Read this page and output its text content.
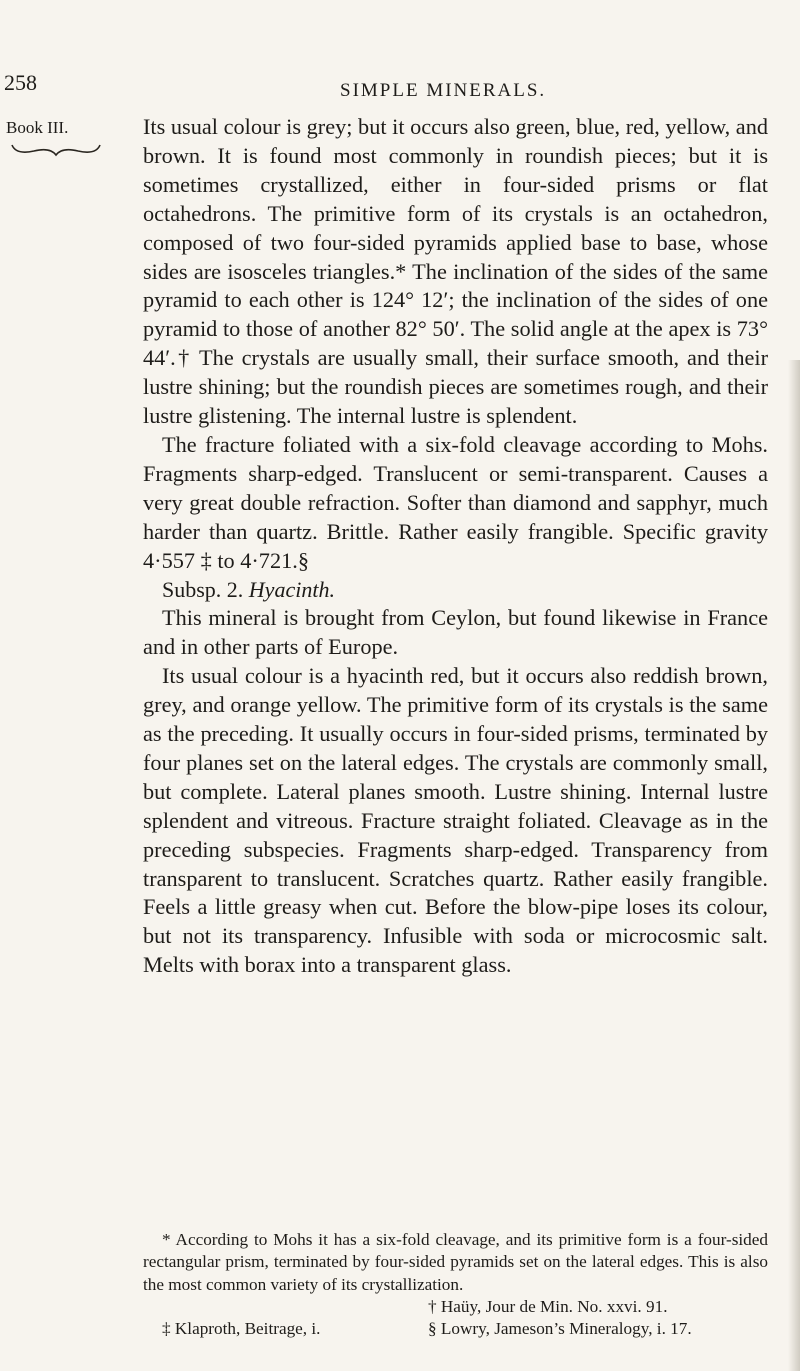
258	SIMPLE MINERALS.
Book III.	Its usual colour is grey; but it occurs also green, blue, red, yellow, and brown. It is found most commonly in roundish pieces; but it is sometimes crystallized, either in four-sided prisms or flat octahedrons. The primitive form of its crystals is an octahedron, composed of two four-sided pyramids applied base to base, whose sides are isosceles triangles.* The inclination of the sides of the same pyramid to each other is 124° 12′; the inclination of the sides of one pyramid to those of another 82° 50′. The solid angle at the apex is 73° 44′.† The crystals are usually small, their surface smooth, and their lustre shining; but the roundish pieces are sometimes rough, and their lustre glistening. The internal lustre is splendent.

The fracture foliated with a six-fold cleavage according to Mohs. Fragments sharp-edged. Translucent or semi-transparent. Causes a very great double refraction. Softer than diamond and sapphyr, much harder than quartz. Brittle. Rather easily frangible. Specific gravity 4·557 ‡ to 4·721.§

Subsp. 2. Hyacinth.

This mineral is brought from Ceylon, but found likewise in France and in other parts of Europe.

Its usual colour is a hyacinth red, but it occurs also reddish brown, grey, and orange yellow. The primitive form of its crystals is the same as the preceding. It usually occurs in four-sided prisms, terminated by four planes set on the lateral edges. The crystals are commonly small, but complete. Lateral planes smooth. Lustre shining. Internal lustre splendent and vitreous. Fracture straight foliated. Cleavage as in the preceding subspecies. Fragments sharp-edged. Transparency from transparent to translucent. Scratches quartz. Rather easily frangible. Feels a little greasy when cut. Before the blow-pipe loses its colour, but not its transparency. Infusible with soda or microcosmic salt. Melts with borax into a transparent glass.

* According to Mohs it has a six-fold cleavage, and its primitive form is a four-sided rectangular prism, terminated by four-sided pyramids set on the lateral edges. This is also the most common variety of its crystallization.

† Haüy, Jour de Min. No. xxvi. 91.
‡ Klaproth, Beitrage, i.	§ Lowry, Jameson’s Mineralogy, i. 17.
